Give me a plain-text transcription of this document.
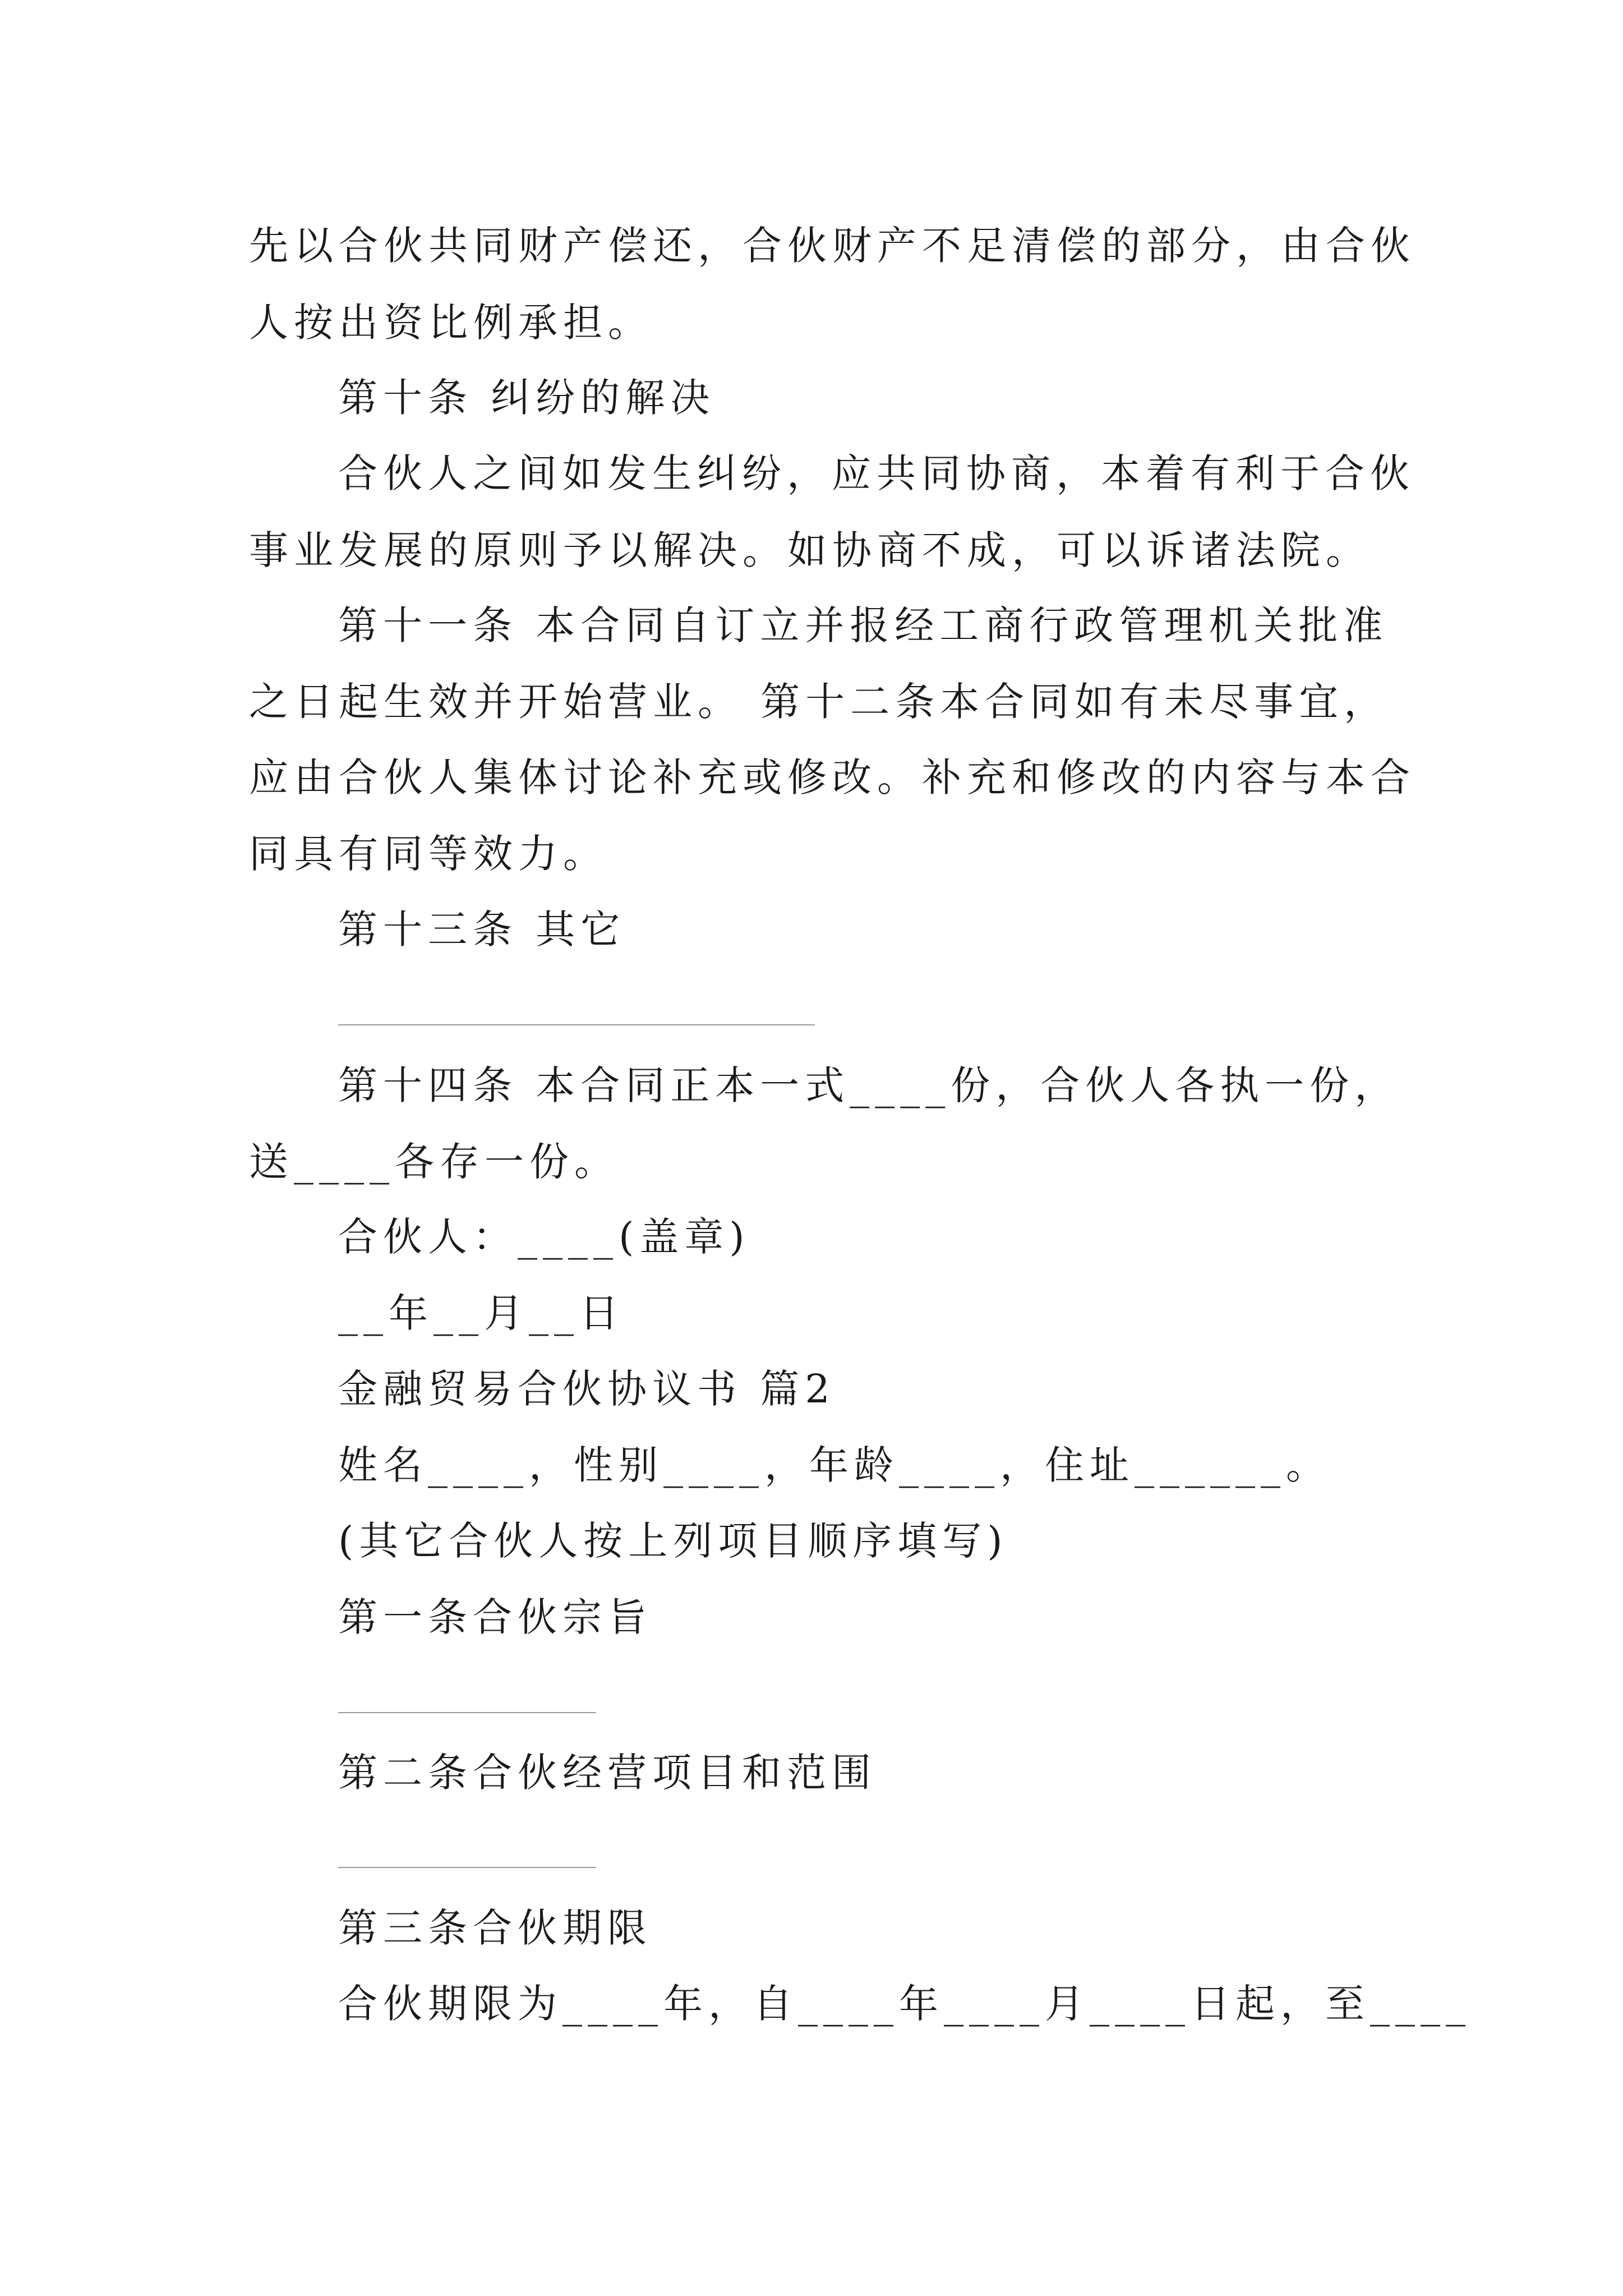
先以合伙共同财产偿还，合伙财产不足清偿的部分，由合伙
人按出资比例承担。
第十条 纠纷的解决
合伙人之间如发生纠纷，应共同协商，本着有利于合伙
事业发展的原则予以解决。如协商不成，可以诉诸法院。
第十一条 本合同自订立并报经工商行政管理机关批准
之日起生效并开始营业。 第十二条本合同如有未尽事宜，
应由合伙人集体讨论补充或修改。补充和修改的内容与本合
同具有同等效力。
第十三条 其它
第十四条 本合同正本一式____份，合伙人各执一份，
送____各存一份。
合伙人：____(盖章)
__年__月__日
金融贸易合伙协议书 篇2
姓名____，性别____，年龄____，住址______。
(其它合伙人按上列项目顺序填写)
第一条合伙宗旨
第二条合伙经营项目和范围
第三条合伙期限
合伙期限为____年，自____年____月____日起，至____
